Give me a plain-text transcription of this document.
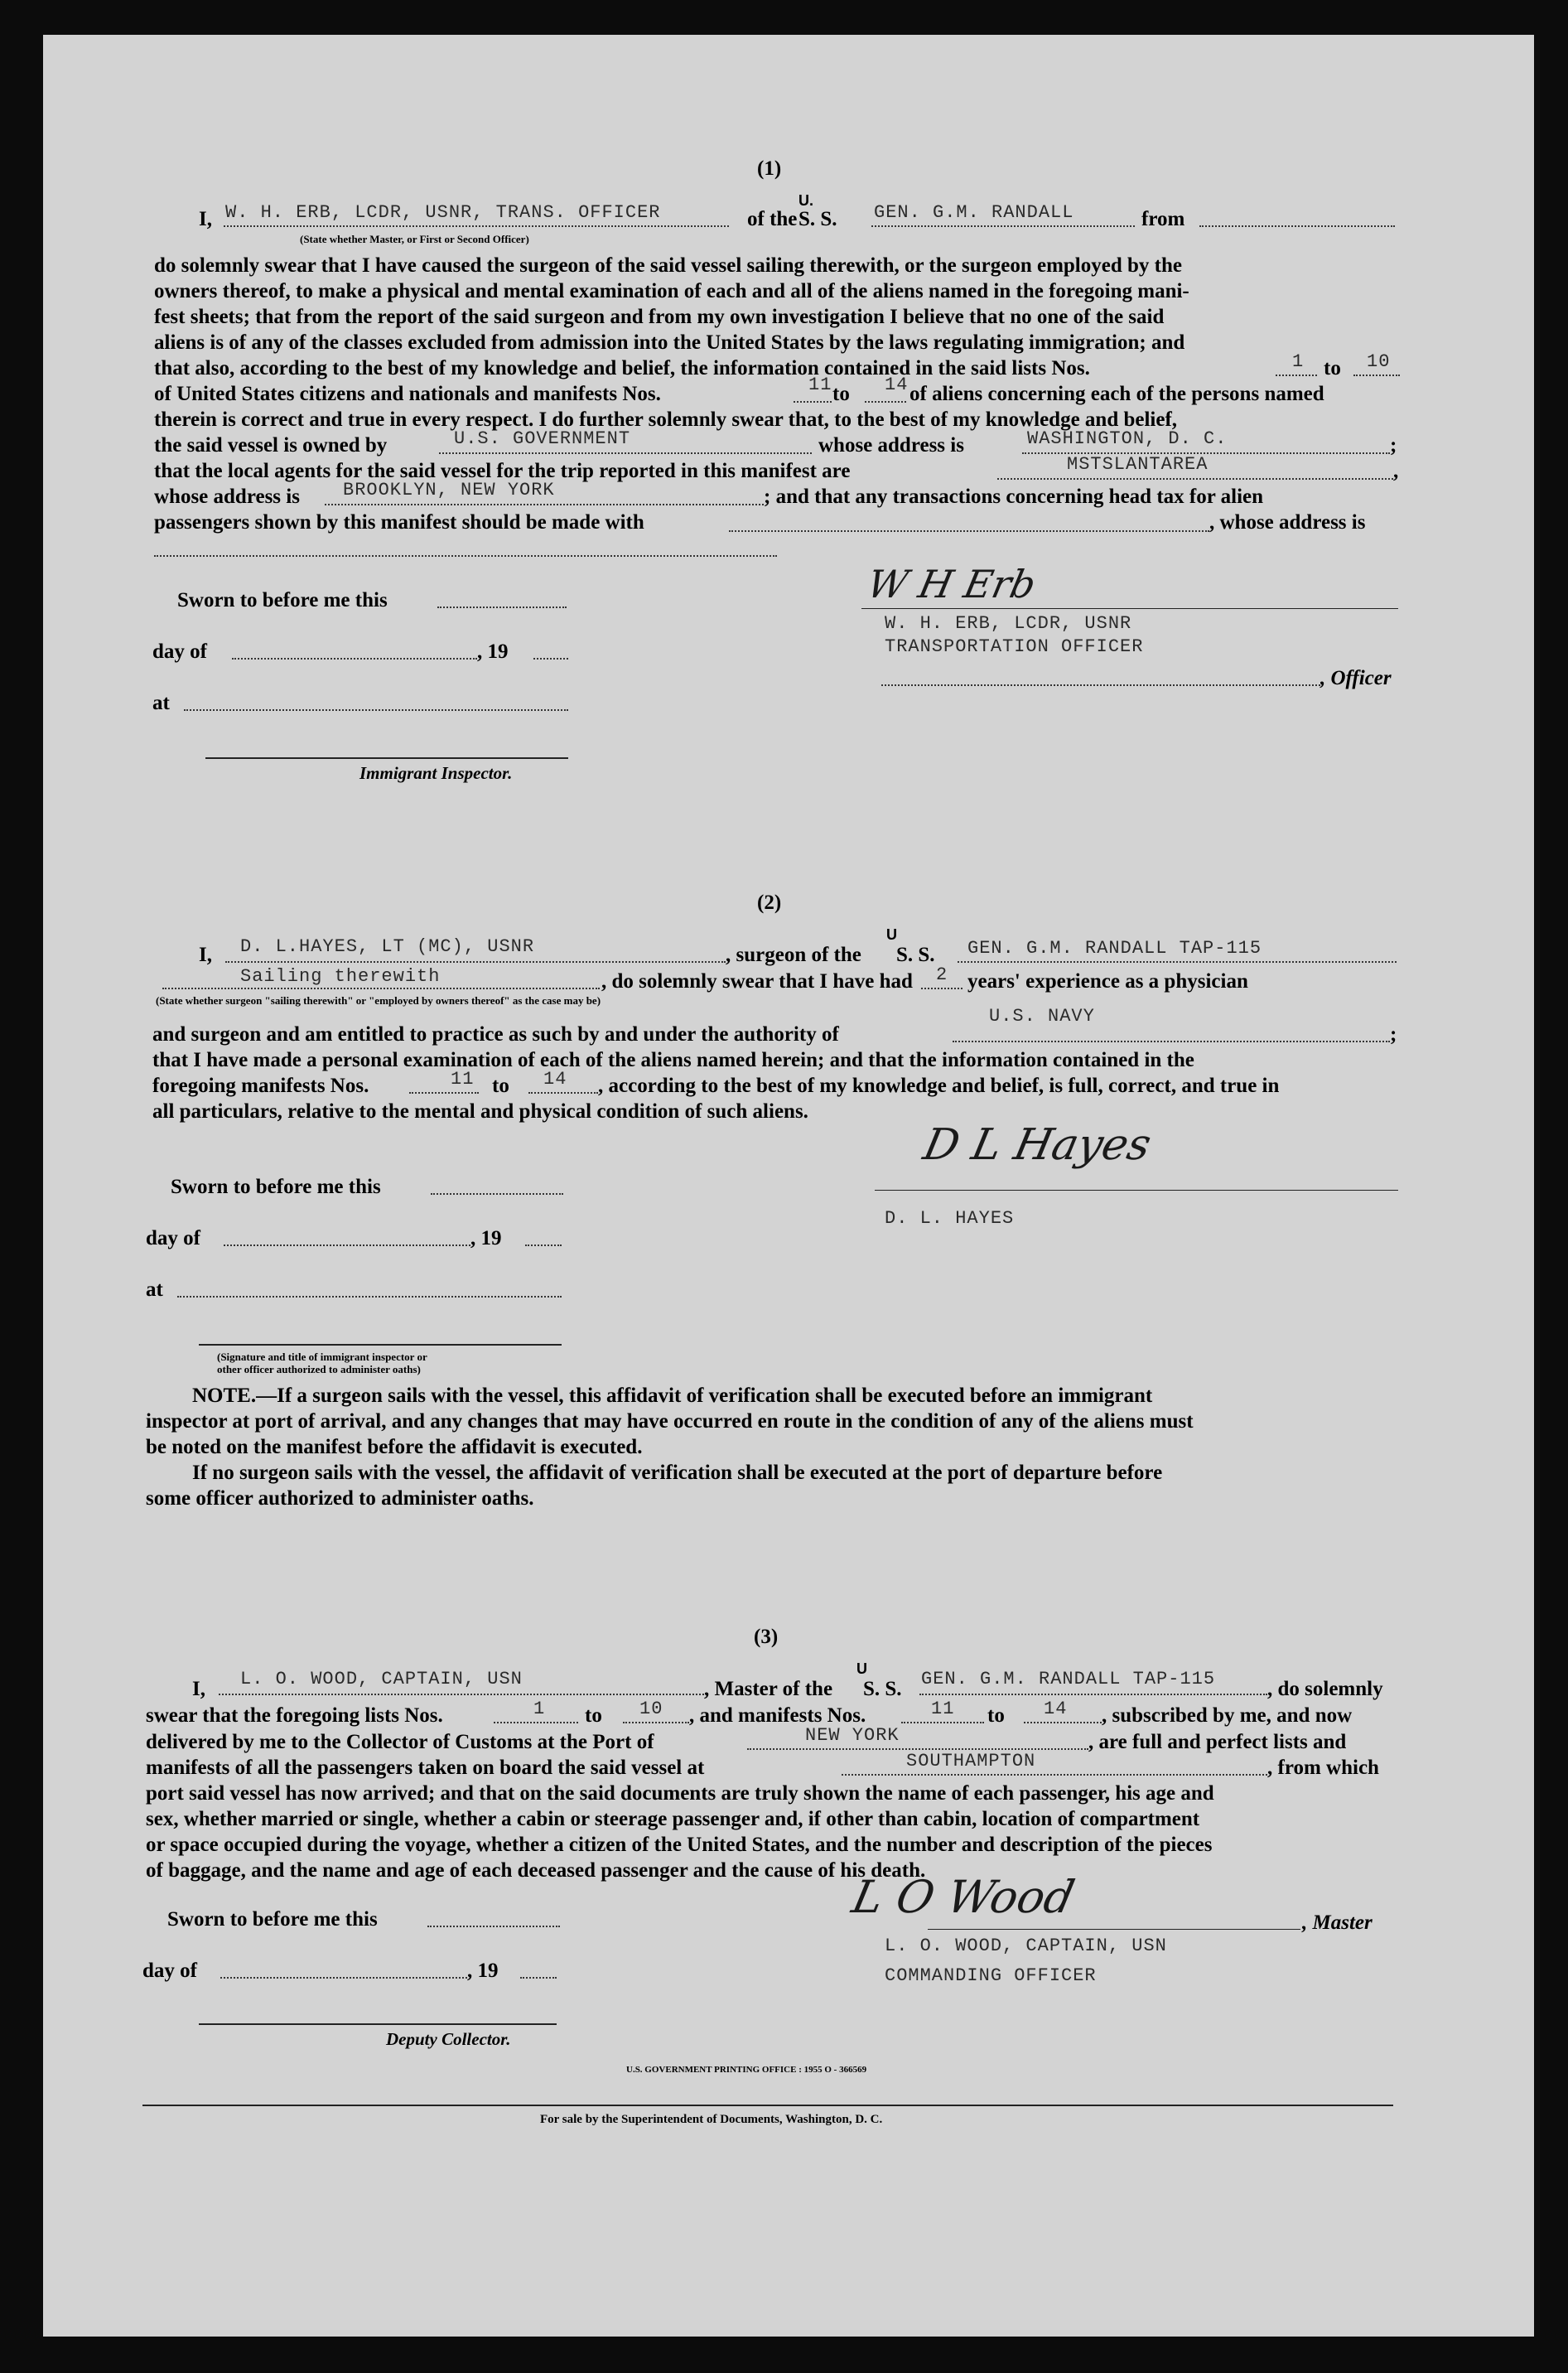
(1)
I, W. H. ERB, LCDR, USNR, TRANS. OFFICER
(State whether Master, or First or Second Officer)
of the
U.
S. S. GEN. G.M. RANDALL	from
do solemnly swear that I have caused the surgeon of the said vessel sailing therewith, or the surgeon employed by the
owners thereof, to make a physical and mental examination of each and all of the aliens named in the foregoing mani-
fest sheets; that from the report of the said surgeon and from my own investigation I believe that no one of the said
aliens is of any of the classes excluded from admission into the United States by the laws regulating immigration; and
that also, according to the best of my knowledge and belief, the information contained in the said lists Nos.	1 to 10
of United States citizens and nationals and manifests Nos.	11 to 14 of aliens concerning each of the persons named
therein is correct and true in every respect. I do further solemnly swear that, to the best of my knowledge and belief,
the said vessel is owned by	U.S. GOVERNMENT	whose address is	WASHINGTON, D. C.	;
that the local agents for the said vessel for the trip reported in this manifest are	MSTSLANTAREA	,
whose address is BROOKLYN, NEW YORK	; and that any transactions concerning head tax for alien
passengers shown by this manifest should be made with	, whose address is
Sworn to before me this
day of	, 19
at
Immigrant Inspector.
W H Erb
W. H. ERB, LCDR, USNR
TRANSPORTATION OFFICER
, Officer
(2)
I, D. L.HAYES, LT (MC), USNR	, surgeon of the
U
S. S. GEN. G.M. RANDALL TAP-115
Sailing therewith
(State whether surgeon "sailing therewith" or "employed by owners thereof" as the case may be)
, do solemnly swear that I have had 2 years' experience as a physician
and surgeon and am entitled to practice as such by and under the authority of
U.S. NAVY
;
that I have made a personal examination of each of the aliens named herein; and that the information contained in the
foregoing manifests Nos.	11 to 14 , according to the best of my knowledge and belief, is full, correct, and true in
all particulars, relative to the mental and physical condition of such aliens.
Sworn to before me this
day of	, 19
at
(Signature and title of immigrant inspector or
other officer authorized to administer oaths)
D L Hayes
D. L. HAYES
NOTE.—If a surgeon sails with the vessel, this affidavit of verification shall be executed before an immigrant
inspector at port of arrival, and any changes that may have occurred en route in the condition of any of the aliens must
be noted on the manifest before the affidavit is executed.
If no surgeon sails with the vessel, the affidavit of verification shall be executed at the port of departure before
some officer authorized to administer oaths.
(3)
I, L. O. WOOD, CAPTAIN, USN	, Master of the
U
S. S. GEN. G.M. RANDALL TAP-115	, do solemnly
swear that the foregoing lists Nos.	1 to 10 , and manifests Nos.	11 to 14 , subscribed by me, and now
delivered by me to the Collector of Customs at the Port of	NEW YORK	, are full and perfect lists and
manifests of all the passengers taken on board the said vessel at	SOUTHAMPTON	, from which
port said vessel has now arrived; and that on the said documents are truly shown the name of each passenger, his age and
sex, whether married or single, whether a cabin or steerage passenger and, if other than cabin, location of compartment
or space occupied during the voyage, whether a citizen of the United States, and the number and description of the pieces
of baggage, and the name and age of each deceased passenger and the cause of his death.
Sworn to before me this
day of	, 19
Deputy Collector.
L O Wood	, Master
L. O. WOOD, CAPTAIN, USN
COMMANDING OFFICER
U.S. GOVERNMENT PRINTING OFFICE : 1955 O - 366569
For sale by the Superintendent of Documents, Washington, D. C.
